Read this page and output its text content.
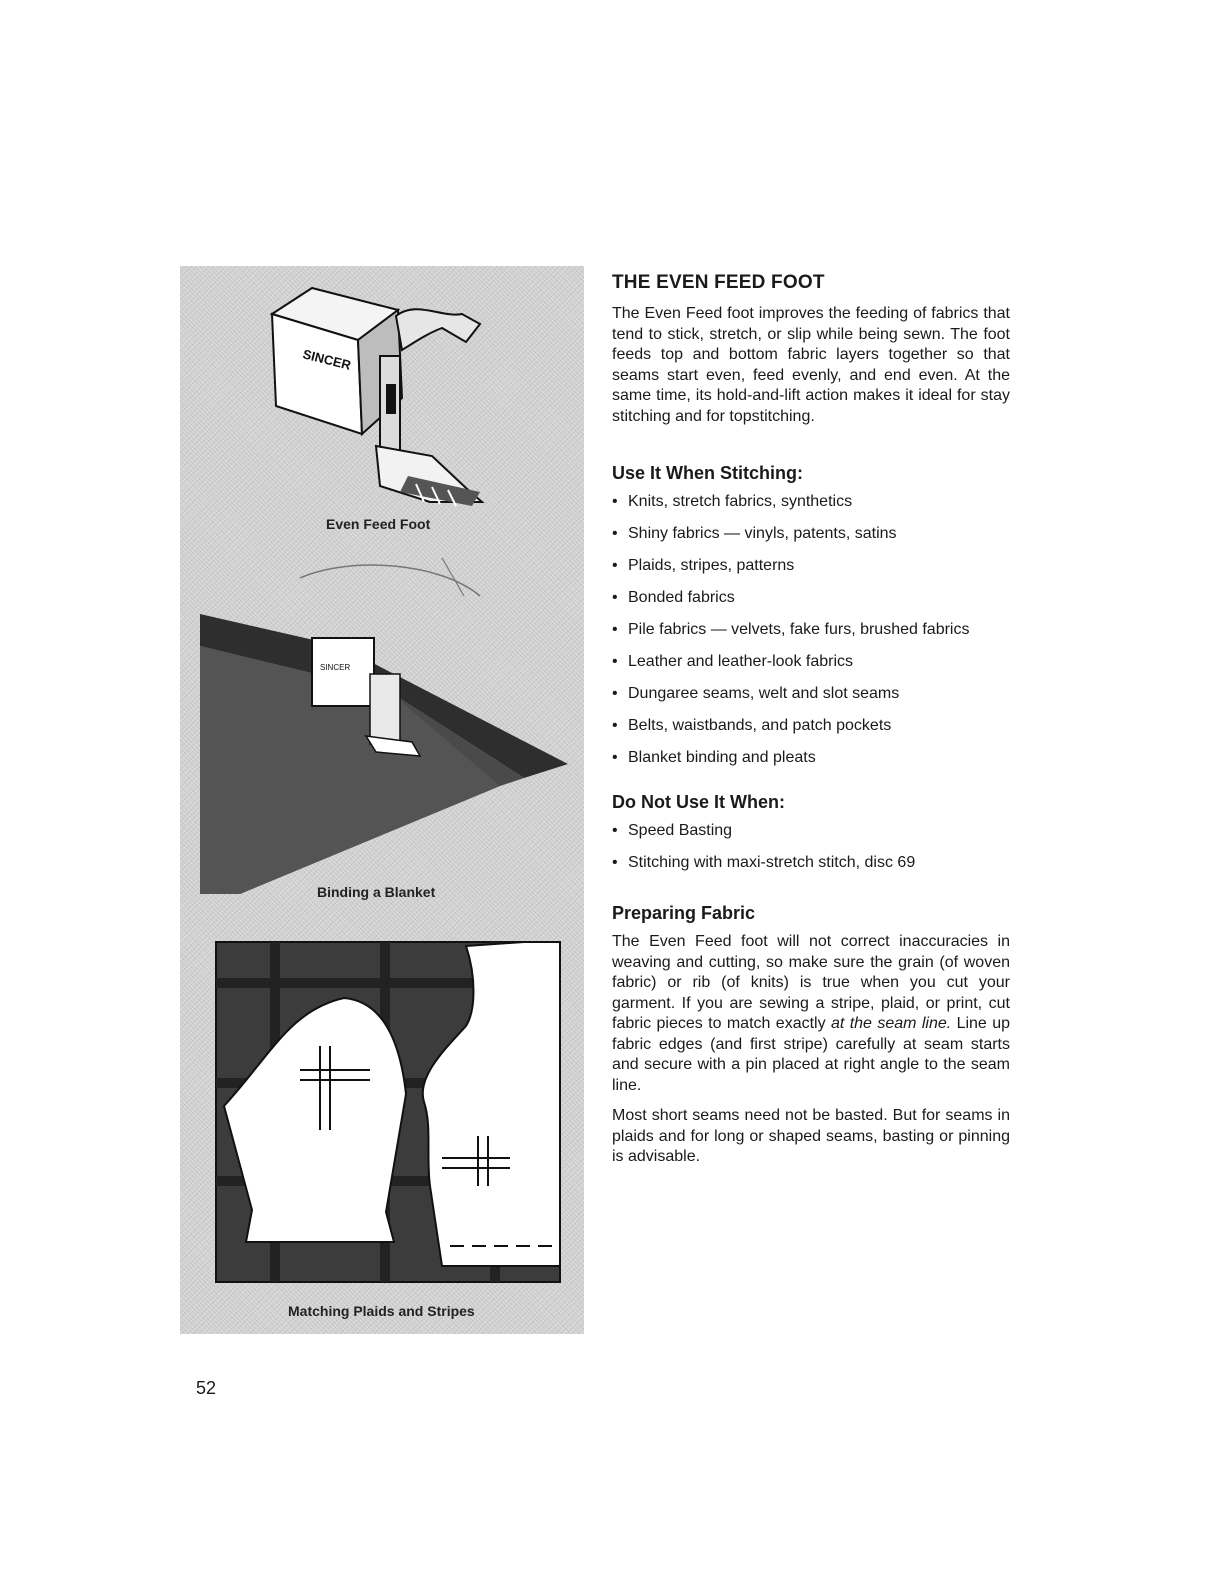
SINCER
SINCER
Even Feed Foot
Binding a Blanket
Matching Plaids and Stripes
THE EVEN FEED FOOT

The Even Feed foot improves the feeding of fabrics that tend to stick, stretch, or slip while being sewn. The foot feeds top and bottom fabric layers together so that seams start even, feed evenly, and end even. At the same time, its hold-and-lift action makes it ideal for stay stitching and for topstitching.

Use It When Stitching:
• Knits, stretch fabrics, synthetics
• Shiny fabrics — vinyls, patents, satins
• Plaids, stripes, patterns
• Bonded fabrics
• Pile fabrics — velvets, fake furs, brushed fabrics
• Leather and leather-look fabrics
• Dungaree seams, welt and slot seams
• Belts, waistbands, and patch pockets
• Blanket binding and pleats
Do Not Use It When:
• Speed Basting
• Stitching with maxi-stretch stitch, disc 69
Preparing Fabric

The Even Feed foot will not correct inaccuracies in weaving and cutting, so make sure the grain (of woven fabric) or rib (of knits) is true when you cut your garment. If you are sewing a stripe, plaid, or print, cut fabric pieces to match exactly at the seam line. Line up fabric edges (and first stripe) carefully at seam starts and secure with a pin placed at right angle to the seam line.

Most short seams need not be basted. But for seams in plaids and for long or shaped seams, basting or pinning is advisable.

52
